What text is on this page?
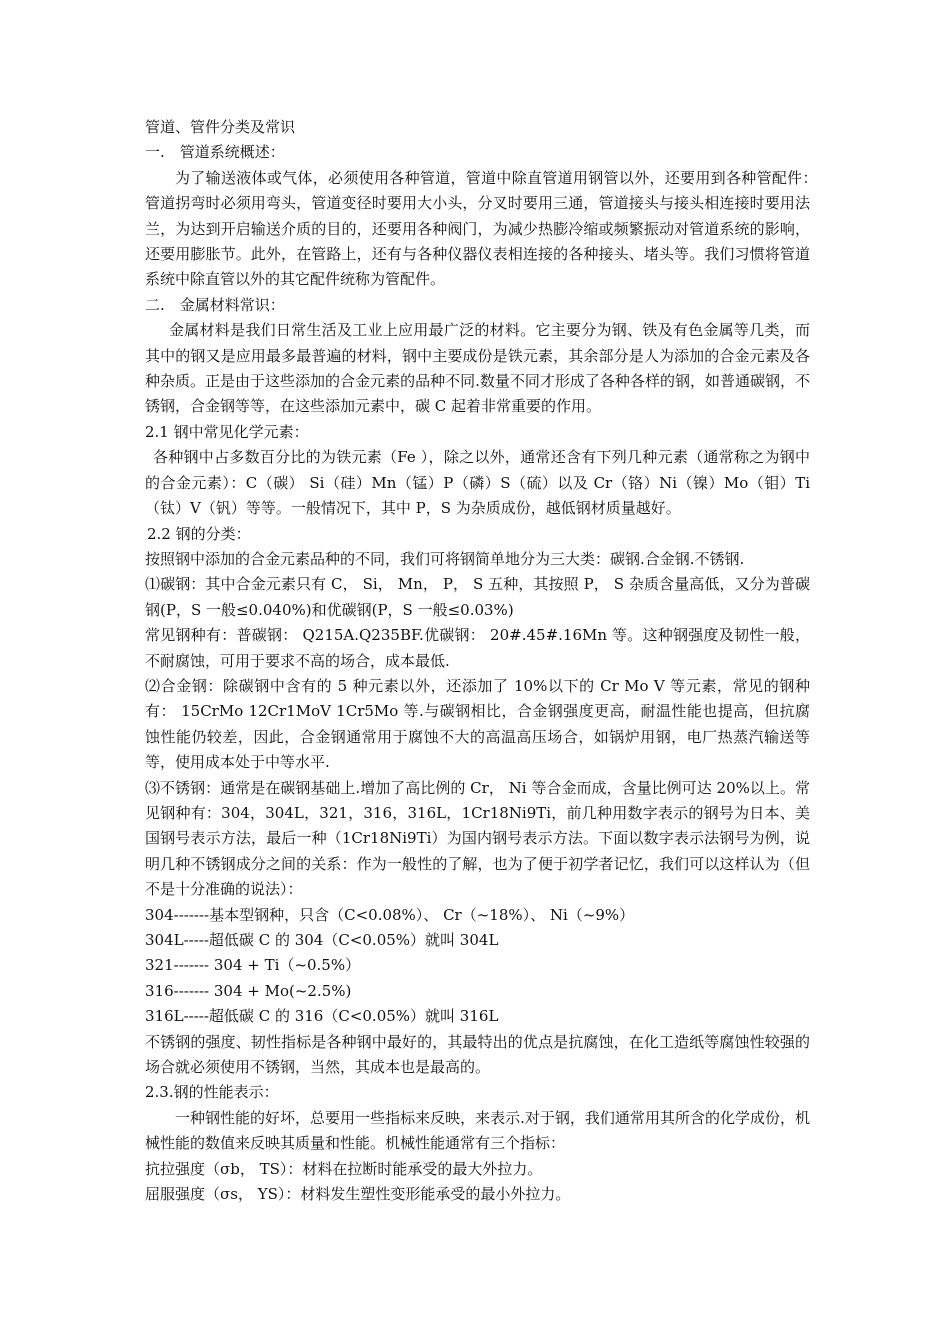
管道、管件分类及常识

一.　管道系统概述：

为了输送液体或气体，必须使用各种管道，管道中除直管道用钢管以外，还要用到各种管配件：　管道拐弯时必须用弯头，管道变径时要用大小头，分叉时要用三通，管道接头与接头相连接时要用法兰，为达到开启输送介质的目的，还要用各种阀门，为减少热膨冷缩或频繁振动对管道系统的影响，还要用膨胀节。此外，在管路上，还有与各种仪器仪表相连接的各种接头、堵头等。我们习惯将管道系统中除直管以外的其它配件统称为管配件。

二.　金属材料常识：

金属材料是我们日常生活及工业上应用最广泛的材料。它主要分为钢、铁及有色金属等几类，而其中的钢又是应用最多最普遍的材料，钢中主要成份是铁元素，其余部分是人为添加的合金元素及各种杂质。正是由于这些添加的合金元素的品种不同.数量不同才形成了各种各样的钢，如普通碳钢，不锈钢，合金钢等等，在这些添加元素中，碳 C 起着非常重要的作用。

2.1 钢中常见化学元素：

各种钢中占多数百分比的为铁元素（Fe ），除之以外，通常还含有下列几种元素（通常称之为钢中的合金元素）：C（碳） Si（硅）Mn（锰）P（磷）S（硫）以及 Cr（铬）Ni（镍）Mo（钼）Ti（钛）V（钒）等等。一般情况下，其中 P，S 为杂质成份，越低钢材质量越好。

2.2 钢的分类：

按照钢中添加的合金元素品种的不同，我们可将钢简单地分为三大类：碳钢.合金钢.不锈钢.

⑴碳钢：其中合金元素只有 C， Si， Mn， P， S 五种，其按照 P， S 杂质含量高低，又分为普碳钢(P，S 一般≤0.040%)和优碳钢(P，S 一般≤0.03%)

常见钢种有：普碳钢： Q215A.Q235BF.优碳钢： 20#.45#.16Mn 等。这种钢强度及韧性一般，不耐腐蚀，可用于要求不高的场合，成本最低.

⑵合金钢：除碳钢中含有的 5 种元素以外，还添加了 10%以下的 Cr Mo V 等元素，常见的钢种有： 15CrMo 12Cr1MoV 1Cr5Mo 等.与碳钢相比，合金钢强度更高，耐温性能也提高，但抗腐蚀性能仍较差，因此，合金钢通常用于腐蚀不大的高温高压场合，如锅炉用钢，电厂热蒸汽输送等等，使用成本处于中等水平.

⑶不锈钢：通常是在碳钢基础上.增加了高比例的 Cr， Ni 等合金而成，含量比例可达 20%以上。常见钢种有：304，304L，321，316，316L，1Cr18Ni9Ti，前几种用数字表示的钢号为日本、美国钢号表示方法，最后一种（1Cr18Ni9Ti）为国内钢号表示方法。下面以数字表示法钢号为例，说明几种不锈钢成分之间的关系：作为一般性的了解，也为了便于初学者记忆，我们可以这样认为（但不是十分准确的说法）：

304-------基本型钢种，只含（C<0.08%）、 Cr（~18%）、 Ni（~9%）

304L-----超低碳 C 的 304（C<0.05%）就叫 304L

321------- 304 + Ti（~0.5%）

316------- 304 + Mo(~2.5%)

316L-----超低碳 C 的 316（C<0.05%）就叫 316L

不锈钢的强度、韧性指标是各种钢中最好的，其最特出的优点是抗腐蚀，在化工造纸等腐蚀性较强的场合就必须使用不锈钢，当然，其成本也是最高的。

2.3.钢的性能表示：

一种钢性能的好坏，总要用一些指标来反映，来表示.对于钢，我们通常用其所含的化学成份，机械性能的数值来反映其质量和性能。机械性能通常有三个指标：

抗拉强度（σb， TS）：材料在拉断时能承受的最大外拉力。

屈服强度（σs， YS）：材料发生塑性变形能承受的最小外拉力。
